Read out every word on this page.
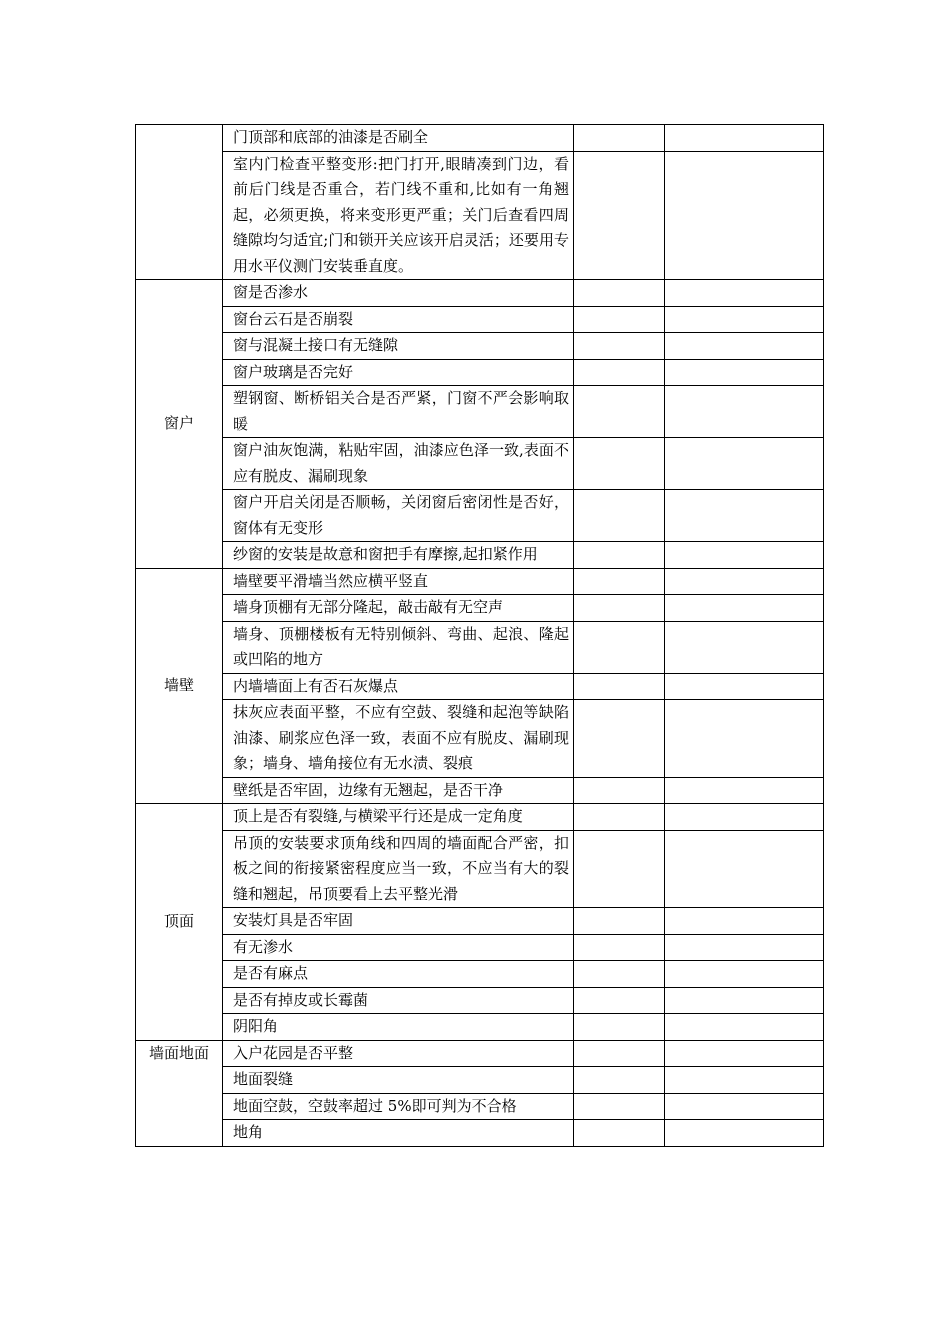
	门顶部和底部的油漆是否刷全		
	室内门检查平整变形:把门打开,眼睛凑到门边，看前后门线是否重合，若门线不重和,比如有一角翘起，必须更换，将来变形更严重；关门后查看四周缝隙均匀适宜;门和锁开关应该开启灵活；还要用专用水平仪测门安装垂直度。		
窗户	窗是否渗水		
	窗台云石是否崩裂		
	窗与混凝土接口有无缝隙		
	窗户玻璃是否完好		
	塑钢窗、断桥铝关合是否严紧，门窗不严会影响取暖		
	窗户油灰饱满，粘贴牢固，油漆应色泽一致,表面不应有脱皮、漏刷现象		
	窗户开启关闭是否顺畅，关闭窗后密闭性是否好，窗体有无变形		
	纱窗的安装是故意和窗把手有摩擦,起扣紧作用		
墙壁	墙壁要平滑墙当然应横平竖直		
	墙身顶棚有无部分隆起，敲击敲有无空声		
	墙身、顶棚楼板有无特别倾斜、弯曲、起浪、隆起或凹陷的地方		
	内墙墙面上有否石灰爆点		
	抹灰应表面平整，不应有空鼓、裂缝和起泡等缺陷油漆、刷浆应色泽一致，表面不应有脱皮、漏刷现象；墙身、墙角接位有无水渍、裂痕		
	壁纸是否牢固，边缘有无翘起，是否干净		
顶面	顶上是否有裂缝,与横梁平行还是成一定角度		
	吊顶的安装要求顶角线和四周的墙面配合严密，扣板之间的衔接紧密程度应当一致，不应当有大的裂缝和翘起，吊顶要看上去平整光滑		
	安装灯具是否牢固		
	有无渗水		
	是否有麻点		
	是否有掉皮或长霉菌		
	阴阳角		
墙面地面	入户花园是否平整		
	地面裂缝		
	地面空鼓，空鼓率超过 5%即可判为不合格		
	地角		
